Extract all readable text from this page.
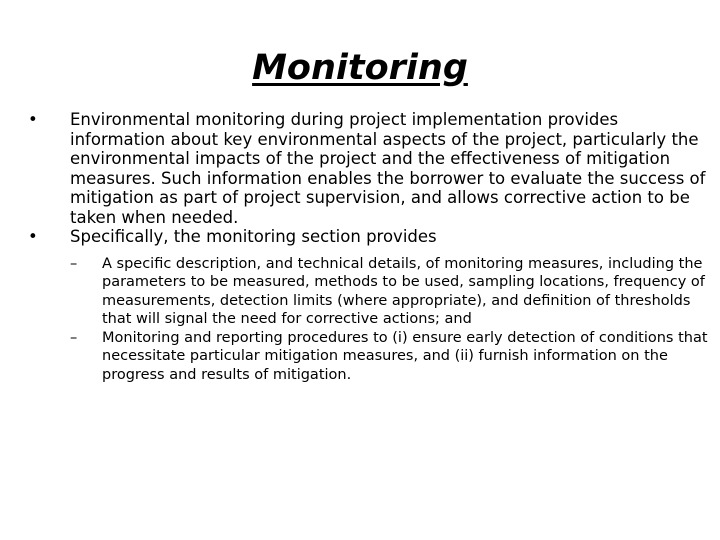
Monitoring
•	Environmental monitoring during project implementation provides information about key environmental aspects of the project, particularly the environmental impacts of the project and the effectiveness of mitigation measures. Such information enables the borrower to evaluate the success of mitigation as part of project supervision, and allows corrective action to be taken when needed.
•	Specifically, the monitoring section provides
–	A specific description, and technical details, of monitoring measures, including the parameters to be measured, methods to be used, sampling locations, frequency of measurements, detection limits (where appropriate), and definition of thresholds that will signal the need for corrective actions; and
–	Monitoring and reporting procedures to (i) ensure early detection of conditions that necessitate particular mitigation measures, and (ii) furnish information on the progress and results of mitigation.
